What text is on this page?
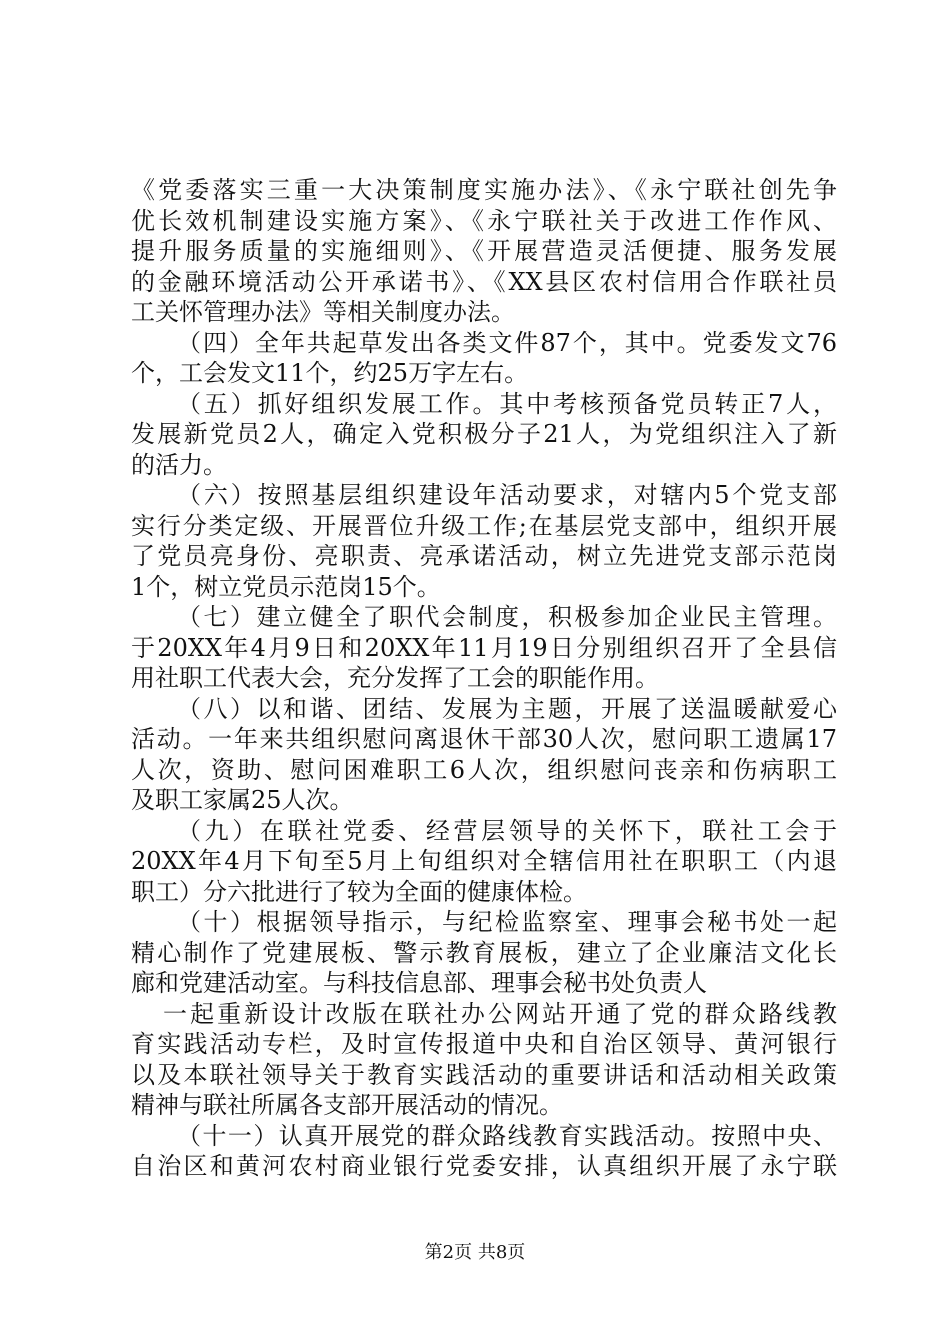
《党委落实三重一大决策制度实施办法》、《永宁联社创先争
优长效机制建设实施方案》、《永宁联社关于改进工作作风、
提升服务质量的实施细则》、《开展营造灵活便捷、服务发展
的金融环境活动公开承诺书》、《XX县区农村信用合作联社员
工关怀管理办法》等相关制度办法。
（四）全年共起草发出各类文件87个，其中。党委发文76
个，工会发文11个，约25万字左右。
（五）抓好组织发展工作。其中考核预备党员转正7人，
发展新党员2人，确定入党积极分子21人，为党组织注入了新
的活力。
（六）按照基层组织建设年活动要求，对辖内5个党支部
实行分类定级、开展晋位升级工作;在基层党支部中，组织开展
了党员亮身份、亮职责、亮承诺活动，树立先进党支部示范岗
1个，树立党员示范岗15个。
（七）建立健全了职代会制度，积极参加企业民主管理。
于20XX年4月9日和20XX年11月19日分别组织召开了全县信
用社职工代表大会，充分发挥了工会的职能作用。
（八）以和谐、团结、发展为主题，开展了送温暖献爱心
活动。一年来共组织慰问离退休干部30人次，慰问职工遗属17
人次，资助、慰问困难职工6人次，组织慰问丧亲和伤病职工
及职工家属25人次。
（九）在联社党委、经营层领导的关怀下，联社工会于
20XX年4月下旬至5月上旬组织对全辖信用社在职职工（内退
职工）分六批进行了较为全面的健康体检。
（十）根据领导指示，与纪检监察室、理事会秘书处一起
精心制作了党建展板、警示教育展板，建立了企业廉洁文化长
廊和党建活动室。与科技信息部、理事会秘书处负责人
一起重新设计改版在联社办公网站开通了党的群众路线教
育实践活动专栏，及时宣传报道中央和自治区领导、黄河银行
以及本联社领导关于教育实践活动的重要讲话和活动相关政策
精神与联社所属各支部开展活动的情况。
（十一）认真开展党的群众路线教育实践活动。按照中央、
自治区和黄河农村商业银行党委安排，认真组织开展了永宁联
第2页 共8页
